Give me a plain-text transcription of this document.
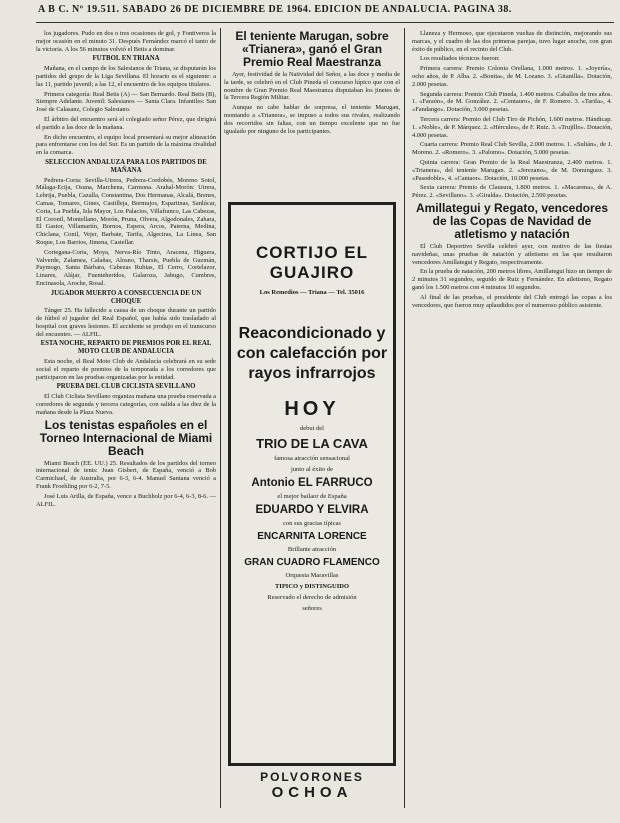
A B C. Nº 19.511. SABADO 26 DE DICIEMBRE DE 1964. EDICION DE ANDALUCIA. PAGINA 38.

los jugadores. Pudo en dos o tres ocasiones de gol, y Fontiveros la mejor ocasión en el minuto 31. Después Fernández marcó el tanto de la victoria. A los 56 minutos volvió el Betis a dominar.

FUTBOL EN TRIANA

Mañana, en el campo de los Salesianos de Triana, se disputarán los partidos del grupo de la Liga Sevillana. El horario es el siguiente: a las 11, partido juvenil; a las 12, el encuentro de los equipos titulares.

Primera categoría: Real Betis (A) — San Bernardo. Real Betis (B), Siempre Adelante. Juvenil: Salesianos — Santa Clara. Infantiles: San José de Calasanz, Colegio Salesiano.

El árbitro del encuentro será el colegiado señor Pérez, que dirigirá el partido a las doce de la mañana.

En dicho encuentro, el equipo local presentará su mejor alineación para enfrentarse con los del Sur. Es un partido de la máxima rivalidad en la comarca.

SELECCION ANDALUZA PARA LOS PARTIDOS DE MAÑANA

Pedrera-Coria: Sevilla-Utrera, Pedrera-Cordobés, Moreno Sotol, Málaga-Ecija, Osuna, Marchena, Carmona. Arahal-Morón: Utrera, Lebrija, Puebla, Cazalla, Constantina, Dos Hermanas, Alcalá, Brenes, Camas, Tomares, Gines, Castilleja, Bormujos, Espartinas, Sanlúcar, Coria, La Puebla, Isla Mayor, Los Palacios, Villafranco, Las Cabezas, El Coronil, Montellano, Morón, Pruna, Olvera, Algodonales, Zahara, El Gastor, Villamartín, Bornos, Espera, Arcos, Paterna, Medina, Chiclana, Conil, Vejer, Barbate, Tarifa, Algeciras, La Línea, San Roque, Los Barrios, Jimena, Castellar.

Cortegana-Coria, Moya, Nerva-Río Tinto, Aracena, Higuera, Valverde, Zalamea, Calañas, Alosno, Tharsis, Puebla de Guzmán, Paymogo, Santa Bárbara, Cabezas Rubias, El Cerro, Cortelazor, Linares, Alájar, Fuenteheridos, Galaroza, Jabugo, Cumbres, Encinasola, Aroche, Rosal.

JUGADOR MUERTO A CONSECUENCIA DE UN CHOQUE

Tánger 25. Ha fallecido a causa de un choque durante un partido de fútbol el jugador del Real Español, que había sido trasladado al hospital con graves lesiones. El accidente se produjo en el transcurso del encuentro. — ALFIL.

ESTA NOCHE, REPARTO DE PREMIOS POR EL REAL MOTO CLUB DE ANDALUCIA

Esta noche, el Real Moto Club de Andalucía celebrará en su sede social el reparto de premios de la temporada a los corredores que participaron en las pruebas organizadas por la entidad.

PRUEBA DEL CLUB CICLISTA SEVILLANO

El Club Ciclista Sevillano organiza mañana una prueba reservada a corredores de segunda y tercera categorías, con salida a las diez de la mañana desde la Plaza Nueva.

Los tenistas españoles en el Torneo Internacional de Miami Beach

Miami Beach (EE. UU.) 25. Resultados de los partidos del torneo internacional de tenis: Juan Gisbert, de España, venció a Bob Carmichael, de Australia, por 6-3, 6-4. Manuel Santana venció a Frank Froehling por 6-2, 7-5.

José Luis Arilla, de España, vence a Buchholz por 6-4, 6-3, 8-6. — ALFIL.

El teniente Marugan, sobre «Trianera», ganó el Gran Premio Real Maestranza

Ayer, festividad de la Natividad del Señor, a las doce y media de la tarde, se celebró en el Club Pineda el concurso hípico que con el nombre de Gran Premio Real Maestranza disputaban los jinetes de la Tercera Región Militar.

Aunque no cabe hablar de sorpresa, el teniente Marugan, montando a «Trianera», se impuso a todos sus rivales, realizando dos recorridos sin faltas, con un tiempo excelente que no fue igualado por ninguno de los participantes.

CORTIJO EL GUAJIRO
Los Remedios — Triana — Tel. 35016
Reacondicionado y con calefacción por rayos infrarrojos
HOY
debut del
TRIO DE LA CAVA
famosa atracción sensacional
junto al éxito de
Antonio EL FARRUCO
el mejor bailaor de España
EDUARDO Y ELVIRA
con sus gracias típicas
ENCARNITA LORENCE
Brillante atracción
GRAN CUADRO FLAMENCO
Orquesta Maravillas
TIPICO y DISTINGUIDO
Reservado el derecho de admisión
señores
POLVORONES
OCHOA

Llaneza y Hermoso, que ejecutaron vueltas de distinción, mejorando sus marcas, y el cuadro de las dos primeras parejas, tuvo lugar anoche, con gran éxito de público, en el recinto del Club.

Los resultados técnicos fueron:

Primera carrera: Premio Colonia Orellana, 1.000 metros. 1. «Joyería», ocho años, de P. Alba. 2. «Bonita», de M. Lozano. 3. «Gitanilla». Dotación, 2.000 pesetas.

Segunda carrera: Premio Club Pineda, 1.400 metros. Caballos de tres años. 1. «Faraón», de M. González. 2. «Centauro», de F. Romero. 3. «Tarifa», 4. «Fandango». Dotación, 3.000 pesetas.

Tercera carrera: Premio del Club Tiro de Pichón, 1.600 metros. Hándicap. 1. «Noble», de P. Márquez. 2. «Hércules», de F. Ruiz. 3. «Trujillo». Dotación, 4.000 pesetas.

Cuarta carrera: Premio Real Club Sevilla, 2.000 metros. 1. «Sultán», de J. Moreno. 2. «Romero». 3. «Palomo». Dotación, 5.000 pesetas.

Quinta carrera: Gran Premio de la Real Maestranza, 2.400 metros. 1. «Trianera», del teniente Marugan. 2. «Jerezano», de M. Domínguez. 3. «Pasodoble», 4. «Cantaor». Dotación, 10.000 pesetas.

Sexta carrera: Premio de Clausura, 1.800 metros. 1. «Macarena», de A. Pérez. 2. «Sevillano». 3. «Giralda». Dotación, 2.500 pesetas.

Amillategui y Regato, vencedores de las Copas de Navidad de atletismo y natación

El Club Deportivo Sevilla celebró ayer, con motivo de las fiestas navideñas, unas pruebas de natación y atletismo en las que resultaron vencedores Amillategui y Regato, respectivamente.

En la prueba de natación, 200 metros libres, Amillategui hizo un tiempo de 2 minutos 31 segundos, seguido de Ruiz y Fernández. En atletismo, Regato ganó los 1.500 metros con 4 minutos 10 segundos.

Al final de las pruebas, el presidente del Club entregó las copas a los vencedores, que fueron muy aplaudidos por el numeroso público asistente.
